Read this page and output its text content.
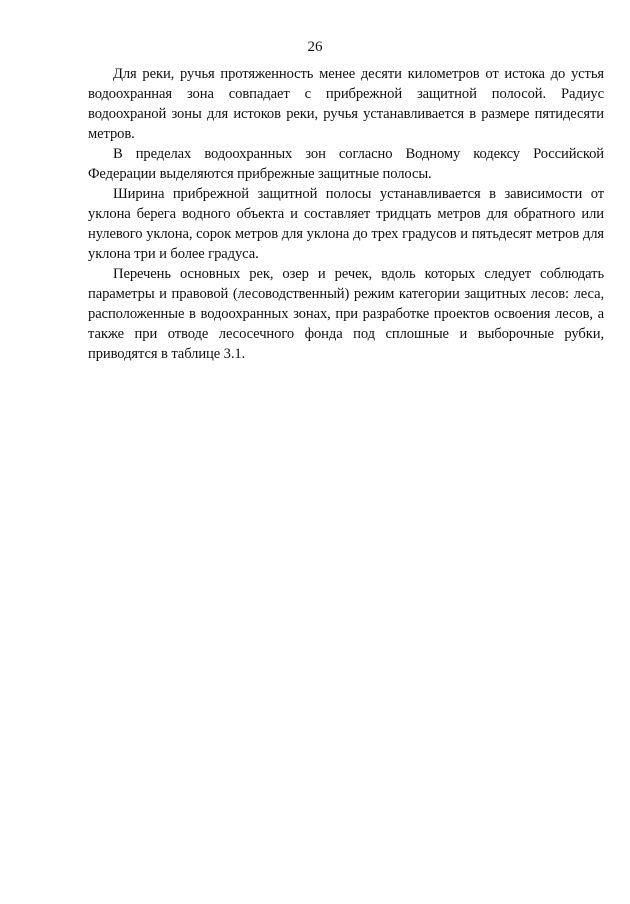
26

Для реки, ручья протяженность менее десяти километров от истока до устья водоохранная зона совпадает с прибрежной защитной полосой. Радиус водоохраной зоны для истоков реки, ручья устанавливается в размере пятидесяти метров.

В пределах водоохранных зон согласно Водному кодексу Российской Федерации выделяются прибрежные защитные полосы.

Ширина прибрежной защитной полосы устанавливается в зависимости от уклона берега водного объекта и составляет тридцать метров для обратного или нулевого уклона, сорок метров для уклона до трех градусов и пятьдесят метров для уклона три и более градуса.

Перечень основных рек, озер и речек, вдоль которых следует соблюдать параметры и правовой (лесоводственный) режим категории защитных лесов: леса, расположенные в водоохранных зонах, при разработке проектов освоения лесов, а также при отводе лесосечного фонда под сплошные и выборочные рубки, приводятся в таблице 3.1.
